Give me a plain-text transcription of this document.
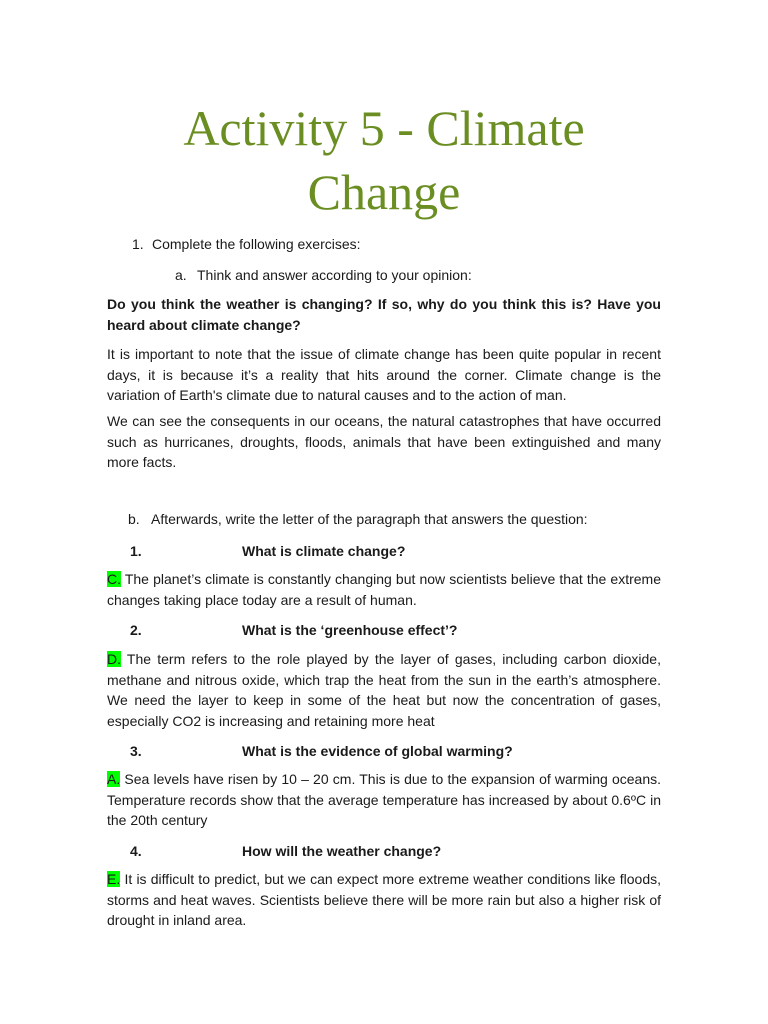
Activity 5 - Climate Change
1. Complete the following exercises:
a. Think and answer according to your opinion:

Do you think the weather is changing? If so, why do you think this is? Have you heard about climate change?

It is important to note that the issue of climate change has been quite popular in recent days, it is because it’s a reality that hits around the corner. Climate change is the variation of Earth's climate due to natural causes and to the action of man.

We can see the consequents in our oceans, the natural catastrophes that have occurred such as hurricanes, droughts, floods, animals that have been extinguished and many more facts.

b. Afterwards, write the letter of the paragraph that answers the question:
1.	What is climate change?

C. The planet’s climate is constantly changing but now scientists believe that the extreme changes taking place today are a result of human.

2.	What is the ‘greenhouse effect’?

D. The term refers to the role played by the layer of gases, including carbon dioxide, methane and nitrous oxide, which trap the heat from the sun in the earth’s atmosphere. We need the layer to keep in some of the heat but now the concentration of gases, especially CO2 is increasing and retaining more heat

3.	What is the evidence of global warming?

A. Sea levels have risen by 10 – 20 cm. This is due to the expansion of warming oceans. Temperature records show that the average temperature has increased by about 0.6ºC in the 20th century

4.	How will the weather change?

E. It is difficult to predict, but we can expect more extreme weather conditions like floods, storms and heat waves. Scientists believe there will be more rain but also a higher risk of drought in inland area.
